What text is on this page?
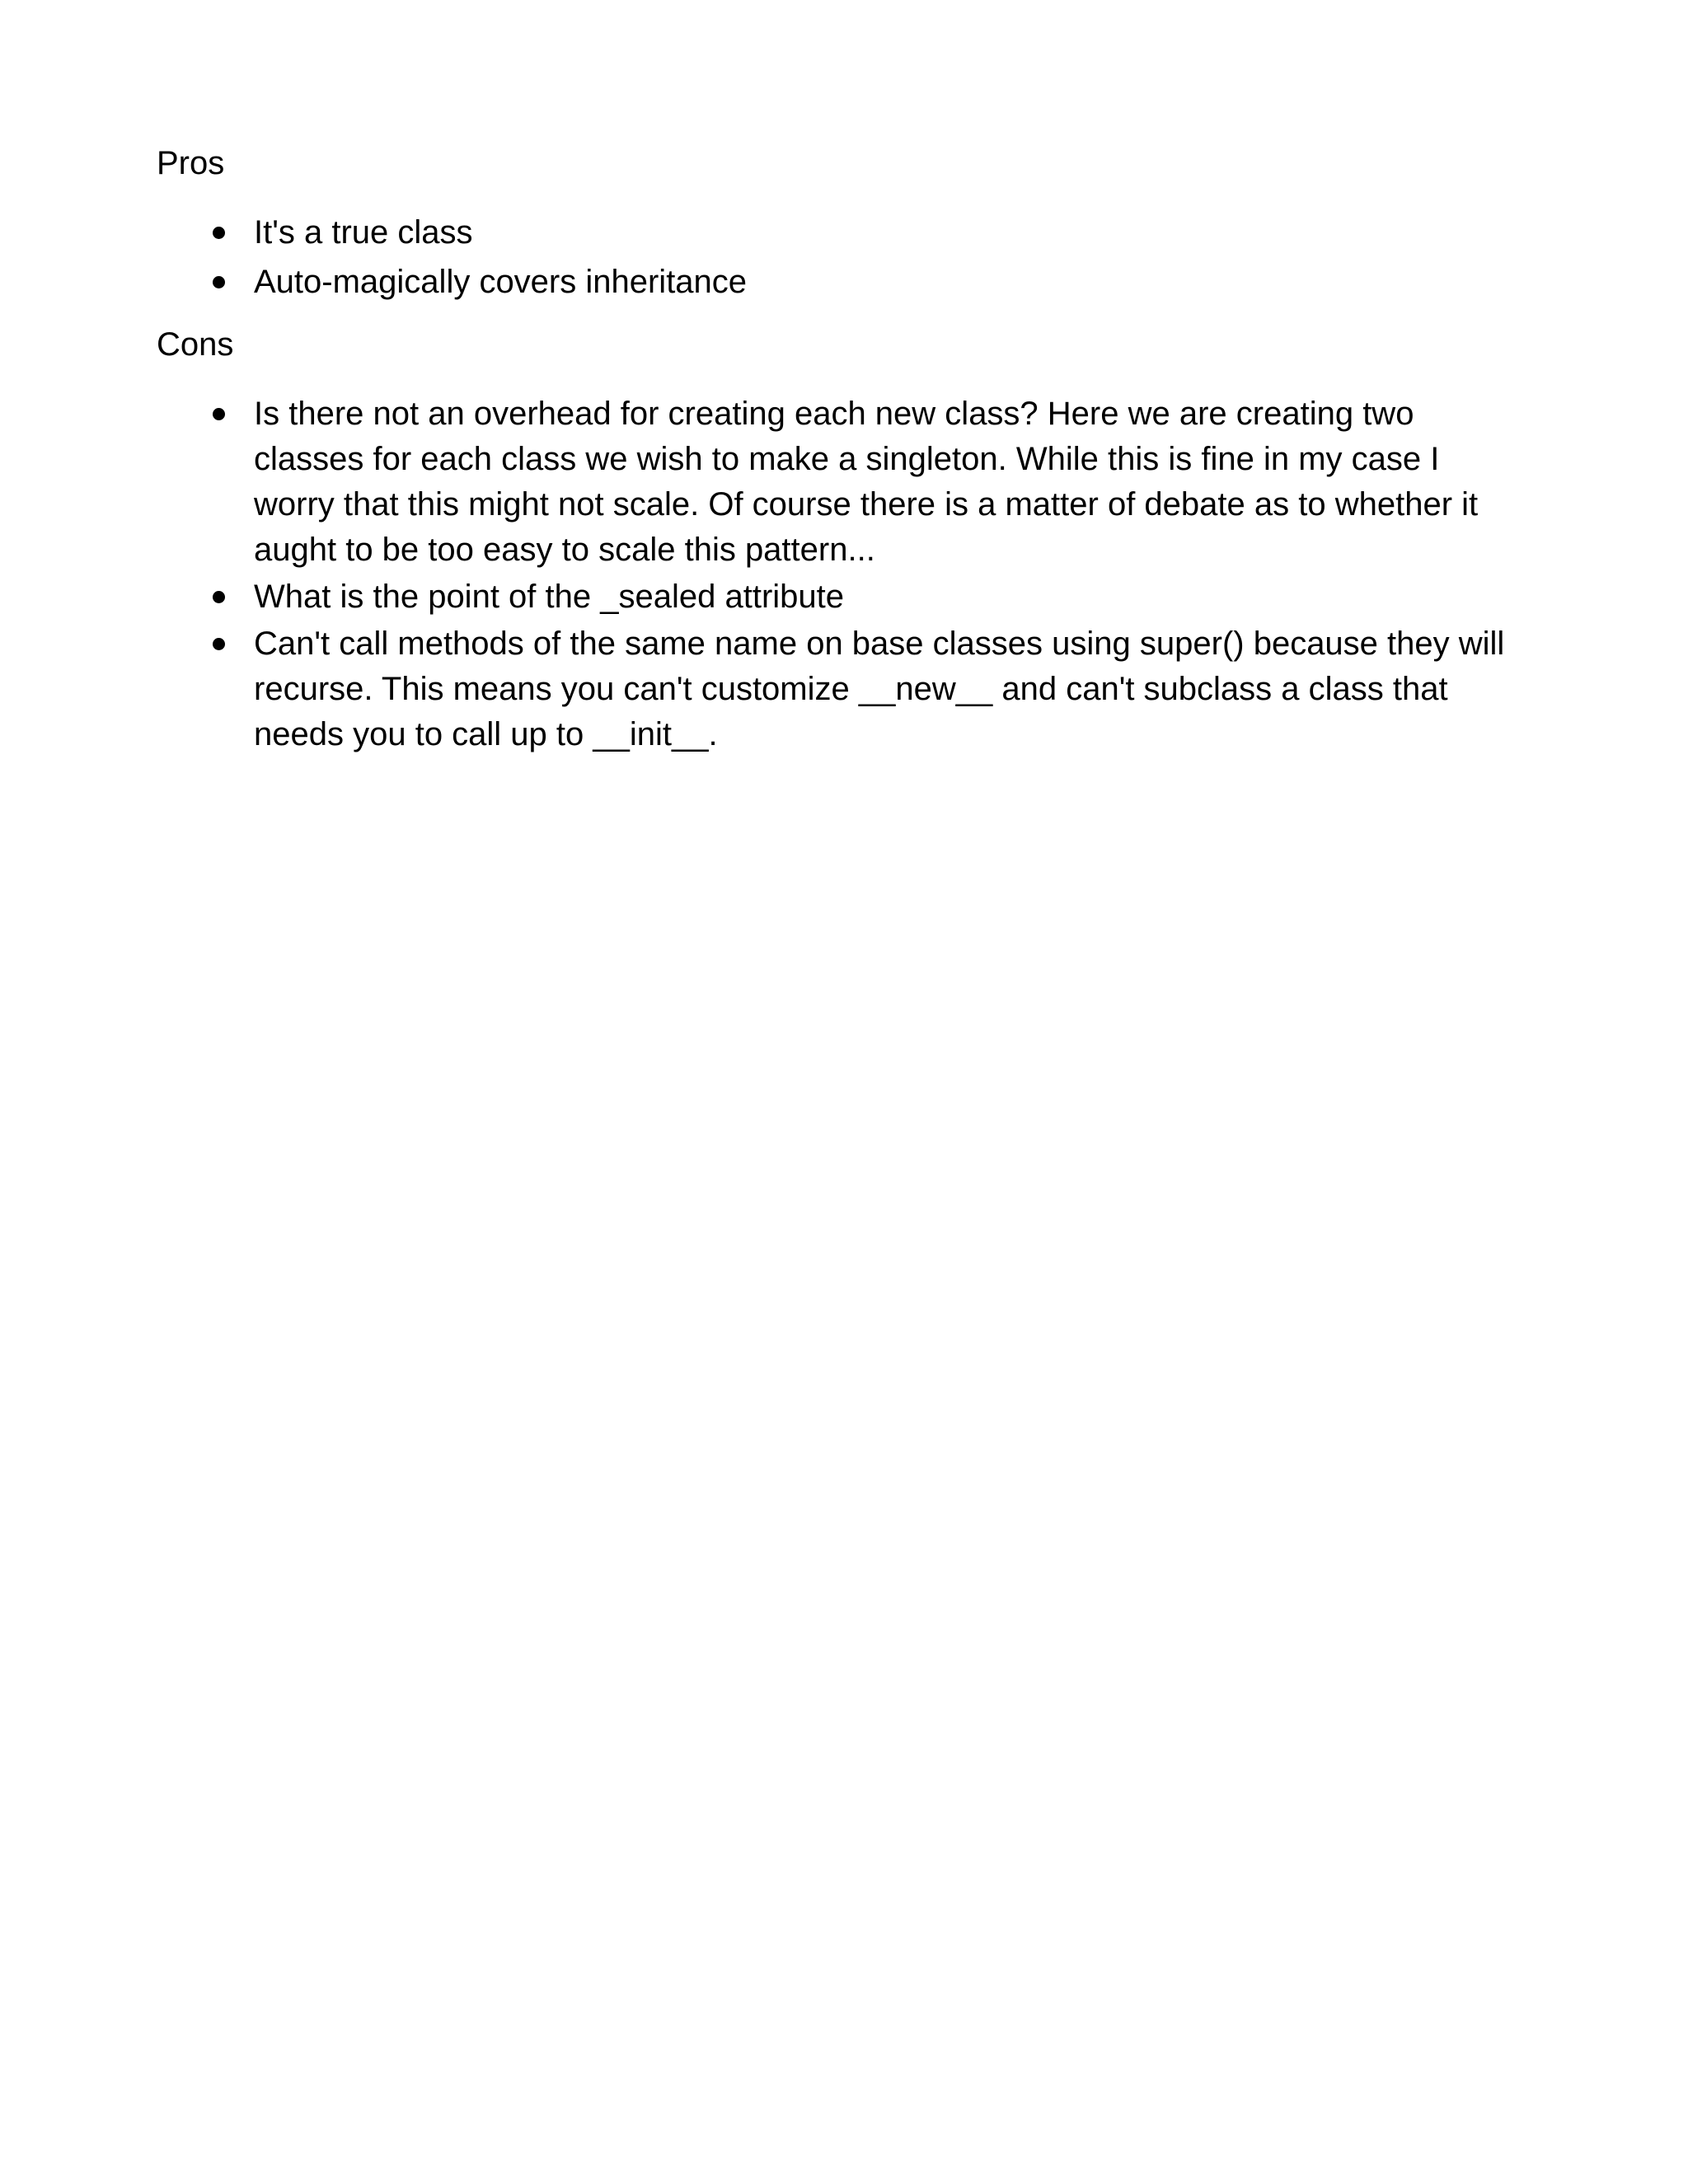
Pros

It's a true class
Auto-magically covers inheritance

Cons

Is there not an overhead for creating each new class? Here we are creating two classes for each class we wish to make a singleton. While this is fine in my case I worry that this might not scale. Of course there is a matter of debate as to whether it aught to be too easy to scale this pattern...
What is the point of the _sealed attribute
Can't call methods of the same name on base classes using super() because they will recurse. This means you can't customize __new__ and can't subclass a class that needs you to call up to __init__.
